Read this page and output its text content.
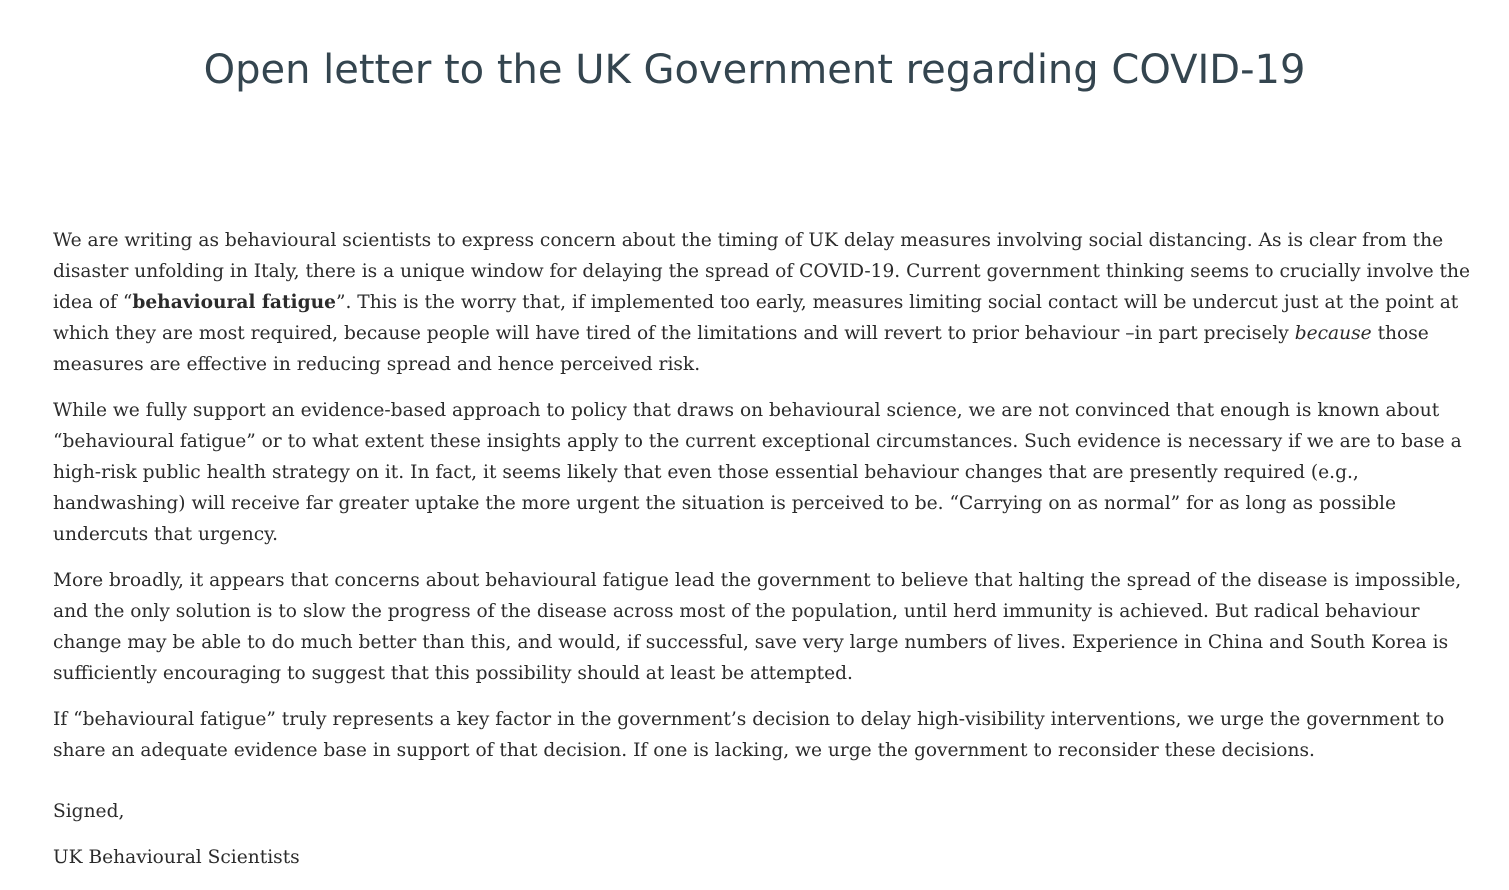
Open letter to the UK Government regarding COVID-19

We are writing as behavioural scientists to express concern about the timing of UK delay measures involving social distancing. As is clear from the disaster unfolding in Italy, there is a unique window for delaying the spread of COVID-19. Current government thinking seems to crucially involve the idea of “behavioural fatigue”. This is the worry that, if implemented too early, measures limiting social contact will be undercut just at the point at which they are most required, because people will have tired of the limitations and will revert to prior behaviour –in part precisely because those measures are effective in reducing spread and hence perceived risk.

While we fully support an evidence-based approach to policy that draws on behavioural science, we are not convinced that enough is known about “behavioural fatigue” or to what extent these insights apply to the current exceptional circumstances. Such evidence is necessary if we are to base a high-risk public health strategy on it. In fact, it seems likely that even those essential behaviour changes that are presently required (e.g., handwashing) will receive far greater uptake the more urgent the situation is perceived to be. “Carrying on as normal” for as long as possible undercuts that urgency.

More broadly, it appears that concerns about behavioural fatigue lead the government to believe that halting the spread of the disease is impossible, and the only solution is to slow the progress of the disease across most of the population, until herd immunity is achieved. But radical behaviour change may be able to do much better than this, and would, if successful, save very large numbers of lives. Experience in China and South Korea is sufficiently encouraging to suggest that this possibility should at least be attempted.

If “behavioural fatigue” truly represents a key factor in the government’s decision to delay high-visibility interventions, we urge the government to share an adequate evidence base in support of that decision. If one is lacking, we urge the government to reconsider these decisions.

Signed,

UK Behavioural Scientists
